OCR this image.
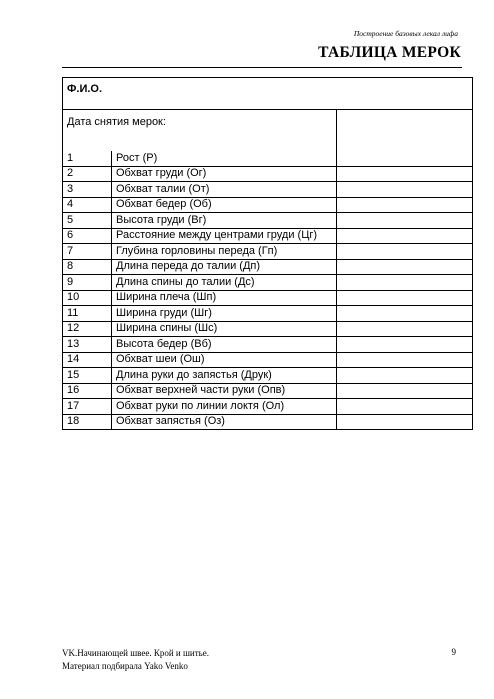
Построение базовых лекал лифа
ТАБЛИЦА МЕРОК
Ф.И.О.		
Дата снятия мерок:		
1	Рост (Р)	
2	Обхват груди (Ог)	
3	Обхват талии (От)	
4	Обхват бедер (Об)	
5	Высота груди (Вг)	
6	Расстояние между центрами груди (Цг)	
7	Глубина горловины переда (Гп)	
8	Длина переда до талии (Дп)	
9	Длина спины до талии (Дс)	
10	Ширина плеча (Шп)	
11	Ширина груди (Шг)	
12	Ширина спины (Шс)	
13	Высота бедер (Вб)	
14	Обхват шеи (Ош)	
15	Длина руки до запястья (Друк)	
16	Обхват верхней части руки (Опв)	
17	Обхват руки по линии локтя (Ол)	
18	Обхват запястья (Оз)	
VK.Начинающей швее. Крой и шитье.
Материал подбирала Yako Venko
9
